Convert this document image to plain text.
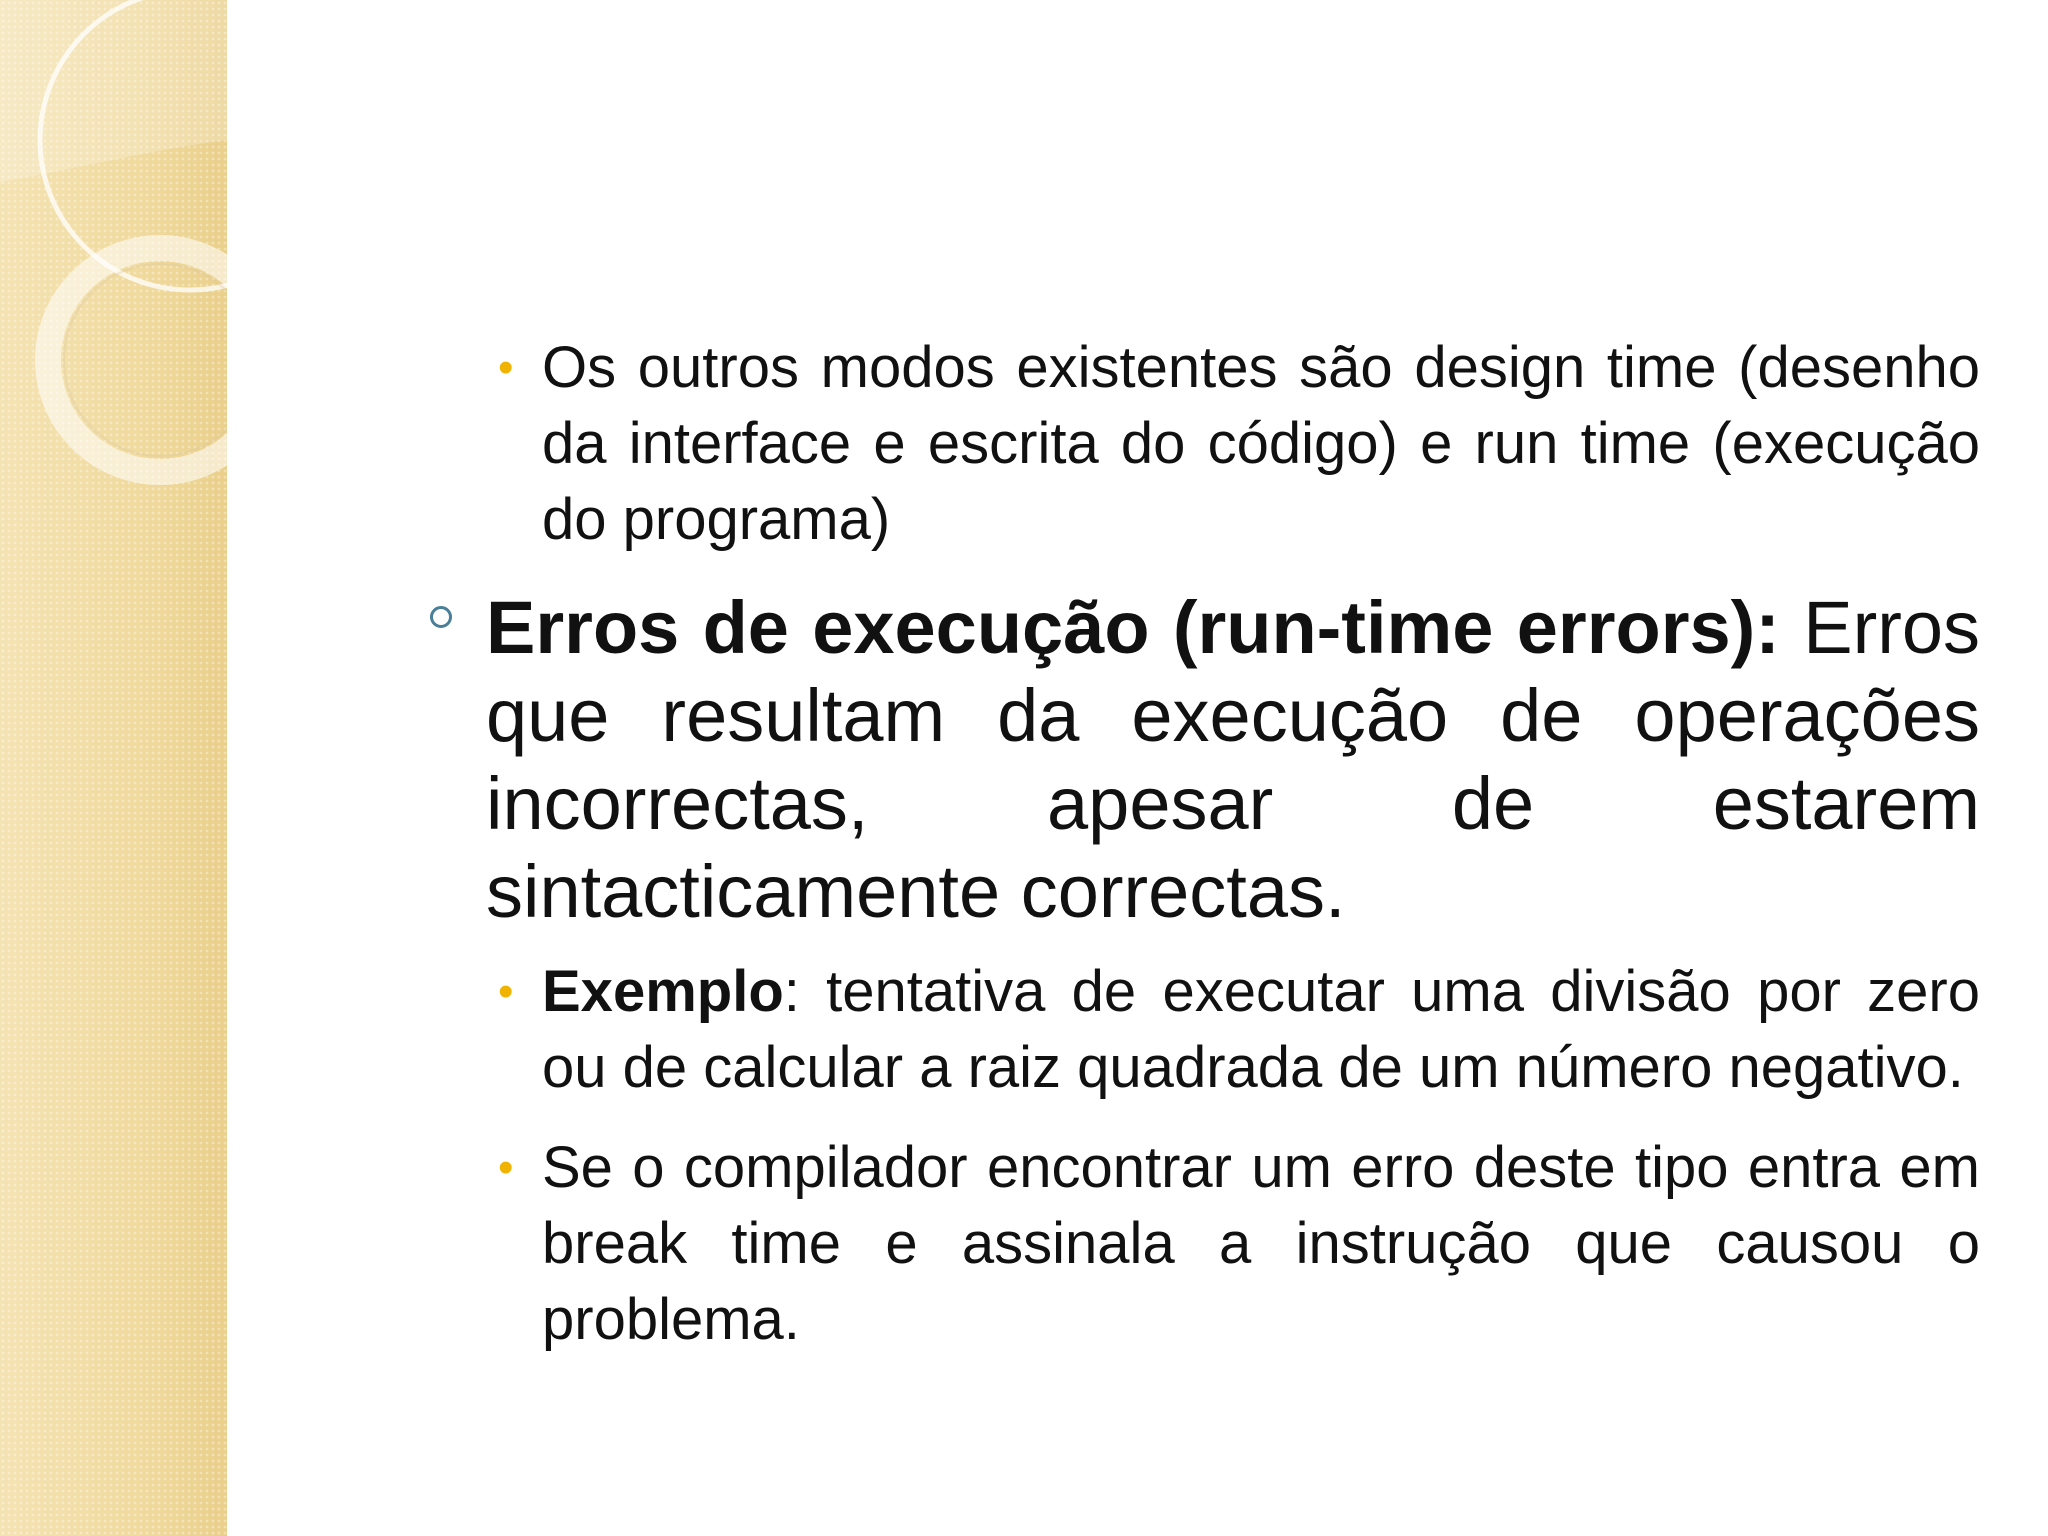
• Os outros modos existentes são design time (desenho da interface e escrita do código) e run time (execução do programa)
Erros de execução (run-time errors): Erros que resultam da execução de operações incorrectas, apesar de estarem sintacticamente correctas.
• Exemplo: tentativa de executar uma divisão por zero ou de calcular a raiz quadrada de um número negativo.
• Se o compilador encontrar um erro deste tipo entra em break time e assinala a instrução que causou o problema.
